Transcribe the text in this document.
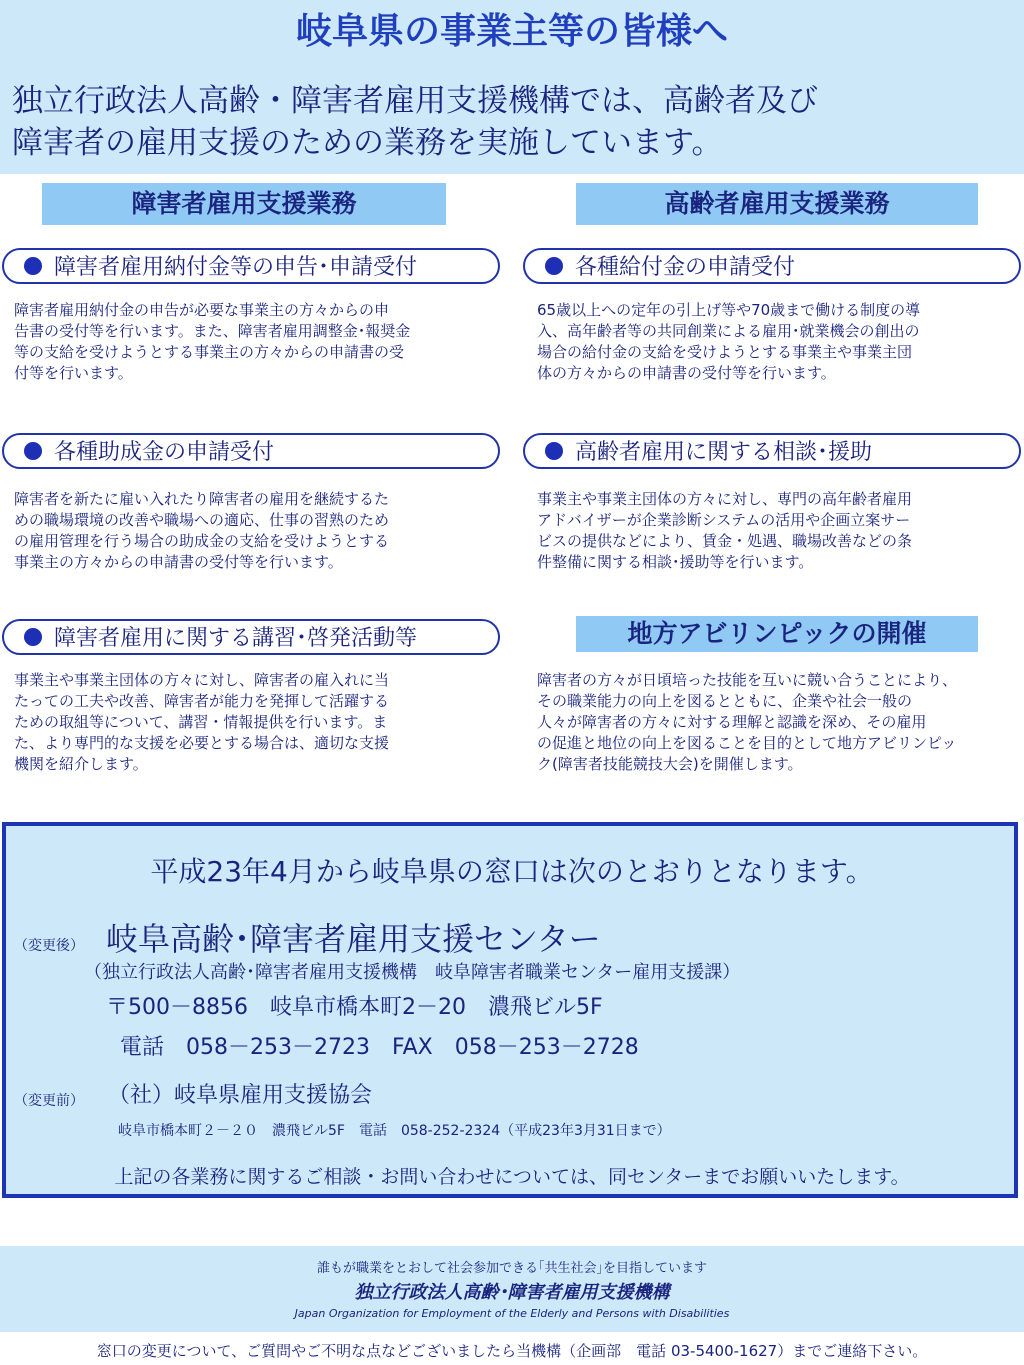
岐阜県の事業主等の皆様へ
独立行政法人高齢・障害者雇用支援機構では、高齢者及び
障害者の雇用支援のための業務を実施しています。
障害者雇用支援業務	高齢者雇用支援業務
障害者雇用納付金等の申告･申請受付
障害者雇用納付金の申告が必要な事業主の方々からの申
告書の受付等を行います。また、障害者雇用調整金･報奨金
等の支給を受けようとする事業主の方々からの申請書の受
付等を行います。
各種助成金の申請受付
障害者を新たに雇い入れたり障害者の雇用を継続するた
めの職場環境の改善や職場への適応、仕事の習熟のため
の雇用管理を行う場合の助成金の支給を受けようとする
事業主の方々からの申請書の受付等を行います。
障害者雇用に関する講習･啓発活動等
事業主や事業主団体の方々に対し、障害者の雇入れに当
たっての工夫や改善、障害者が能力を発揮して活躍する
ための取組等について、講習・情報提供を行います。ま
た、より専門的な支援を必要とする場合は、適切な支援
機関を紹介します。
各種給付金の申請受付
65歳以上への定年の引上げ等や70歳まで働ける制度の導
入、高年齢者等の共同創業による雇用･就業機会の創出の
場合の給付金の支給を受けようとする事業主や事業主団
体の方々からの申請書の受付等を行います。
高齢者雇用に関する相談･援助
事業主や事業主団体の方々に対し、専門の高年齢者雇用
アドバイザーが企業診断システムの活用や企画立案サー
ビスの提供などにより、賃金・処遇、職場改善などの条
件整備に関する相談･援助等を行います。
地方アビリンピックの開催
障害者の方々が日頃培った技能を互いに競い合うことにより、
その職業能力の向上を図るとともに、企業や社会一般の
人々が障害者の方々に対する理解と認識を深め、その雇用
の促進と地位の向上を図ることを目的として地方アビリンピッ
ク(障害者技能競技大会)を開催します。
平成23年4月から岐阜県の窓口は次のとおりとなります。
（変更後） 岐阜高齢･障害者雇用支援センター
（独立行政法人高齢･障害者雇用支援機構　岐阜障害者職業センター雇用支援課）
〒500－8856　岐阜市橋本町2－20　濃飛ビル5F
電話　058－253－2723　FAX　058－253－2728
（変更前） （社）岐阜県雇用支援協会
岐阜市橋本町２－２０　濃飛ビル5F　電話　058-252-2324（平成23年3月31日まで）
上記の各業務に関するご相談・お問い合わせについては、同センターまでお願いいたします。
誰もが職業をとおして社会参加できる｢共生社会｣を目指しています
独立行政法人高齢･障害者雇用支援機構
Japan Organization for Employment of the Elderly and Persons with Disabilities
窓口の変更について、ご質問やご不明な点などございましたら当機構（企画部　電話 03-5400-1627）までご連絡下さい。
